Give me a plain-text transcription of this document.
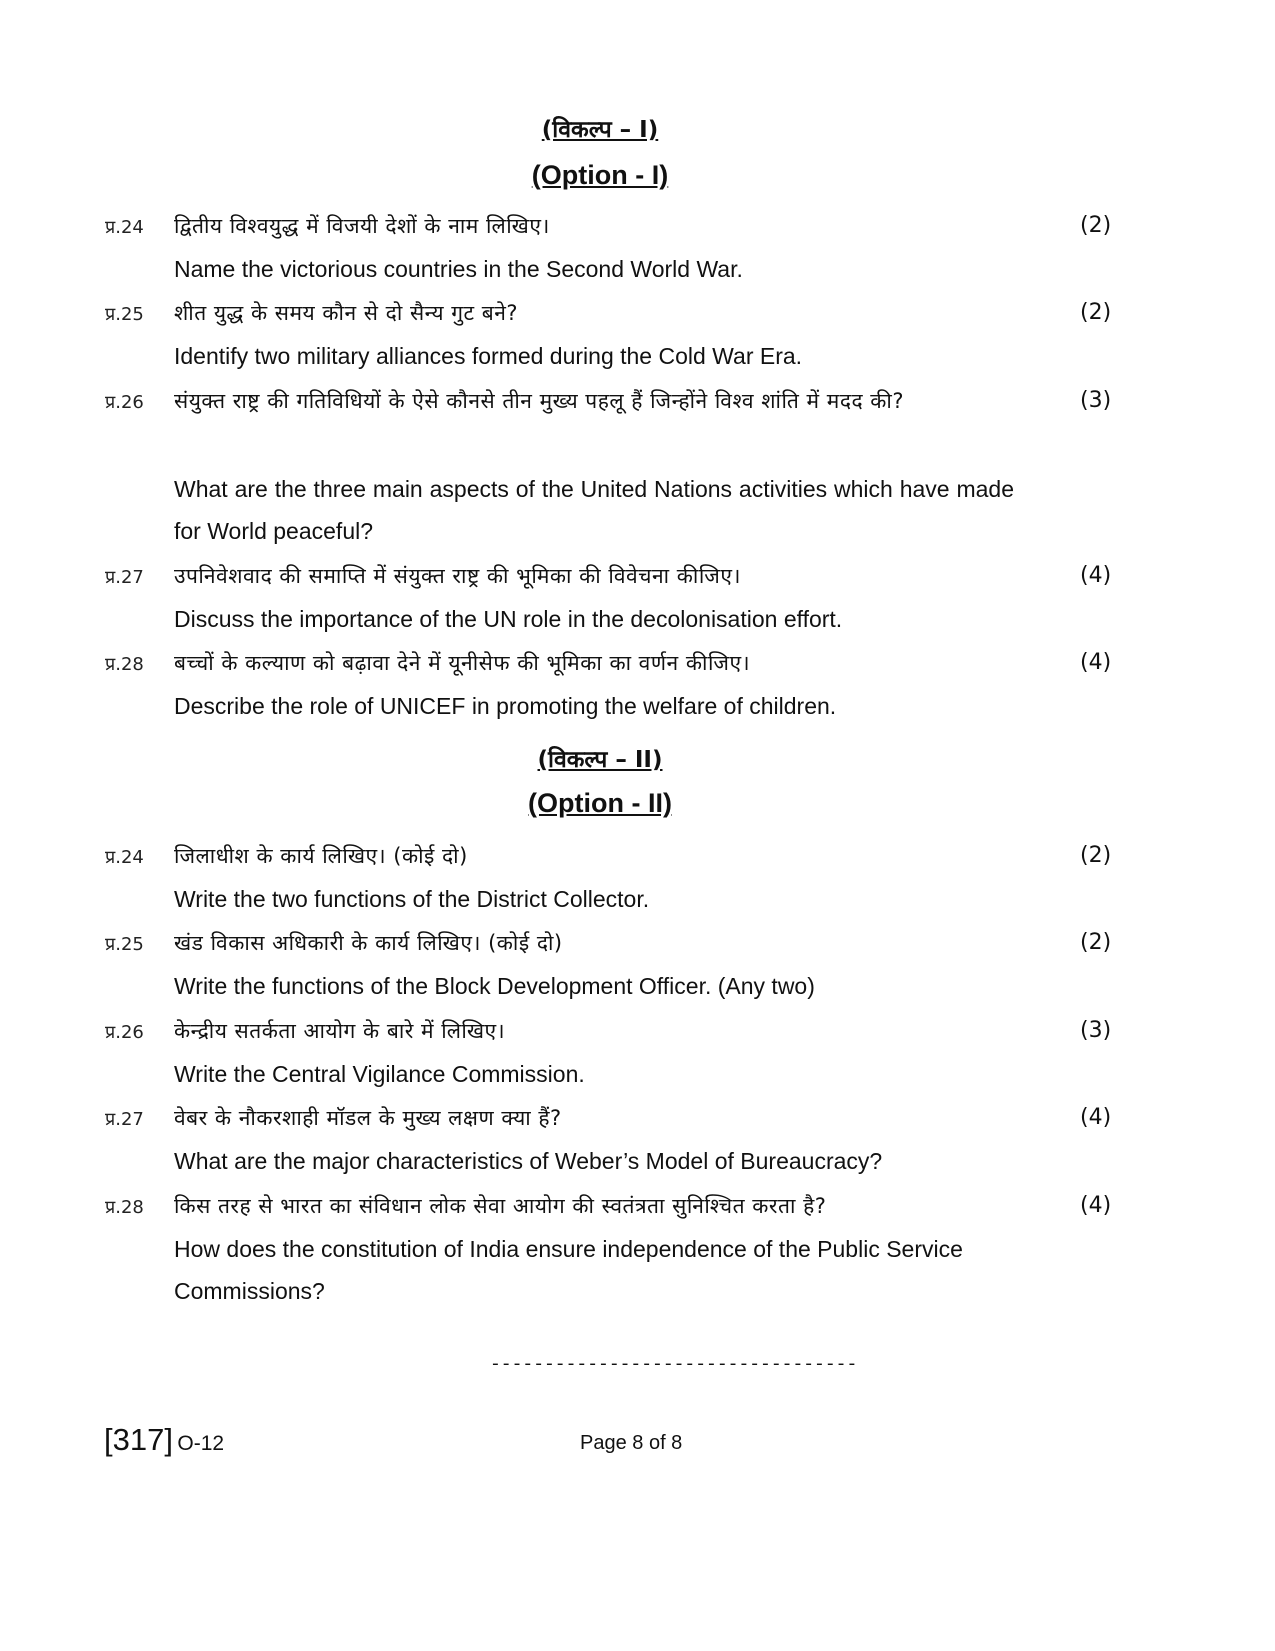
(विकल्प – I)
(Option - I)
प्र.24 द्वितीय विश्वयुद्ध में विजयी देशों के नाम लिखिए।	(2)
Name the victorious countries in the Second World War.
प्र.25 शीत युद्ध के समय कौन से दो सैन्य गुट बने?	(2)
Identify two military alliances formed during the Cold War Era.
प्र.26 संयुक्त राष्ट्र की गतिविधियों के ऐसे कौनसे तीन मुख्य पहलू हैं जिन्होंने विश्व शांति में मदद की?	(3)
What are the three main aspects of the United Nations activities which have made for World peaceful?
प्र.27 उपनिवेशवाद की समाप्ति में संयुक्त राष्ट्र की भूमिका की विवेचना कीजिए।	(4)
Discuss the importance of the UN role in the decolonisation effort.
प्र.28 बच्चों के कल्याण को बढ़ावा देने में यूनीसेफ की भूमिका का वर्णन कीजिए।	(4)
Describe the role of UNICEF in promoting the welfare of children.
(विकल्प – II)
(Option - II)
प्र.24 जिलाधीश के कार्य लिखिए। (कोई दो)	(2)
Write the two functions of the District Collector.
प्र.25 खंड विकास अधिकारी के कार्य लिखिए। (कोई दो)	(2)
Write the functions of the Block Development Officer. (Any two)
प्र.26 केन्द्रीय सतर्कता आयोग के बारे में लिखिए।	(3)
Write the Central Vigilance Commission.
प्र.27 वेबर के नौकरशाही मॉडल के मुख्य लक्षण क्या हैं?	(4)
What are the major characteristics of Weber’s Model of Bureaucracy?
प्र.28 किस तरह से भारत का संविधान लोक सेवा आयोग की स्वतंत्रता सुनिश्चित करता है?	(4)
How does the constitution of India ensure independence of the Public Service Commissions?
----------------------------------
[317] O-12	Page 8 of 8
